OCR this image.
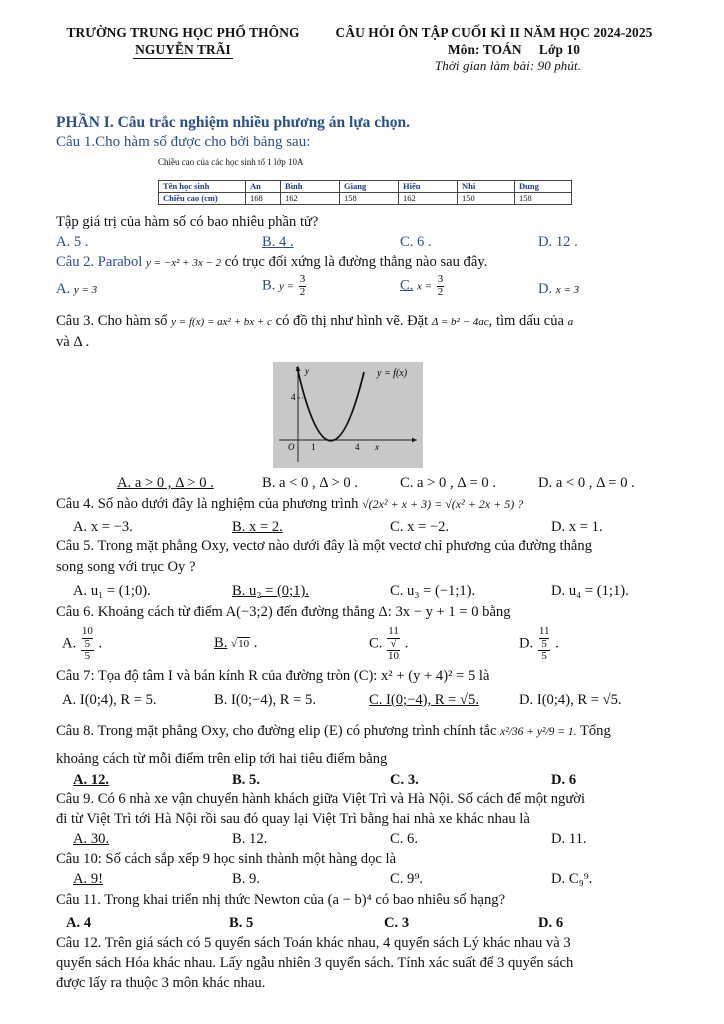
TRƯỜNG TRUNG HỌC PHỔ THÔNG
NGUYỄN TRÃI
CÂU HỎI ÔN TẬP CUỐI KÌ II NĂM HỌC 2024-2025
Môn: TOÁN Lớp 10
Thời gian làm bài: 90 phút.
PHẦN I. Câu trắc nghiệm nhiều phương án lựa chọn.
Câu 1.Cho hàm số được cho bởi bảng sau:
Chiều cao của các học sinh tổ 1 lớp 10A
Tên học sinh	An	Bình	Giang	Hiếu	Nhi	Dung
Chiều cao (cm)	168	162	158	162	150	158
Tập giá trị của hàm số có bao nhiêu phần tử?
A. 5 .	B. 4 .	C. 6 .	D. 12 .
Câu 2. Parabol y = −x² + 3x − 2 có trục đối xứng là đường thẳng nào sau đây.
A. y = 3	B. $y = \frac{3}{2}$	C. $x = \frac{3}{2}$	D. x = 3
Câu 3. Cho hàm số y = f(x) = ax² + bx + c có đồ thị như hình vẽ. Đặt Δ = b² − 4ac, tìm dấu của a
và Δ .
y	y = f(x)
4
O 1	4 x
A. a > 0 , Δ > 0 .	B. a < 0 , Δ > 0 .	C. a > 0 , Δ = 0 .	D. a < 0 , Δ = 0 .
Câu 4. Số nào dưới đây là nghiệm của phương trình √(2x² + x + 3) = √(x² + 2x + 5) ?
A. x = −3.	B. x = 2.	C. x = −2.	D. x = 1.
Câu 5. Trong mặt phẳng Oxy, vectơ nào dưới đây là một vectơ chỉ phương của đường thẳng
song song với trục Oy ?
A. u₁ = (1;0).	B. u₂ = (0;1).	C. u₃ = (−1;1).	D. u₄ = (1;1).
Câu 6. Khoảng cách từ điểm A(−3;2) đến đường thẳng Δ: 3x − y + 1 = 0 bằng
A. 10
5
5 .	B. √10 .	C. 11
√
10 .	D. 11
5
5 .
Câu 7: Tọa độ tâm I và bán kính R của đường tròn (C): x² + (y + 4)² = 5 là
A. I(0;4), R = 5.	B. I(0;−4), R = 5.	C. I(0;−4), R = √5.	D. I(0;4), R = √5.
Câu 8. Trong mặt phẳng Oxy, cho đường elip (E) có phương trình chính tắc x²/36 + y²/9 = 1. Tổng
khoảng cách từ mỗi điểm trên elip tới hai tiêu điểm bằng
A. 12.	B. 5.	C. 3.	D. 6
Câu 9. Có 6 nhà xe vận chuyển hành khách giữa Việt Trì và Hà Nội. Số cách để một người
đi từ Việt Trì tới Hà Nội rồi sau đó quay lại Việt Trì bằng hai nhà xe khác nhau là
A. 30.	B. 12.	C. 6.	D. 11.
Câu 10: Số cách sắp xếp 9 học sinh thành một hàng dọc là
A. 9!	B. 9.	C. 9⁹.	D. C₉⁹.
Câu 11. Trong khai triển nhị thức Newton của (a − b)⁴ có bao nhiêu số hạng?
A. 4	B. 5	C. 3	D. 6
Câu 12. Trên giá sách có 5 quyển sách Toán khác nhau, 4 quyển sách Lý khác nhau và 3
quyển sách Hóa khác nhau. Lấy ngẫu nhiên 3 quyển sách. Tính xác suất để 3 quyển sách
được lấy ra thuộc 3 môn khác nhau.
